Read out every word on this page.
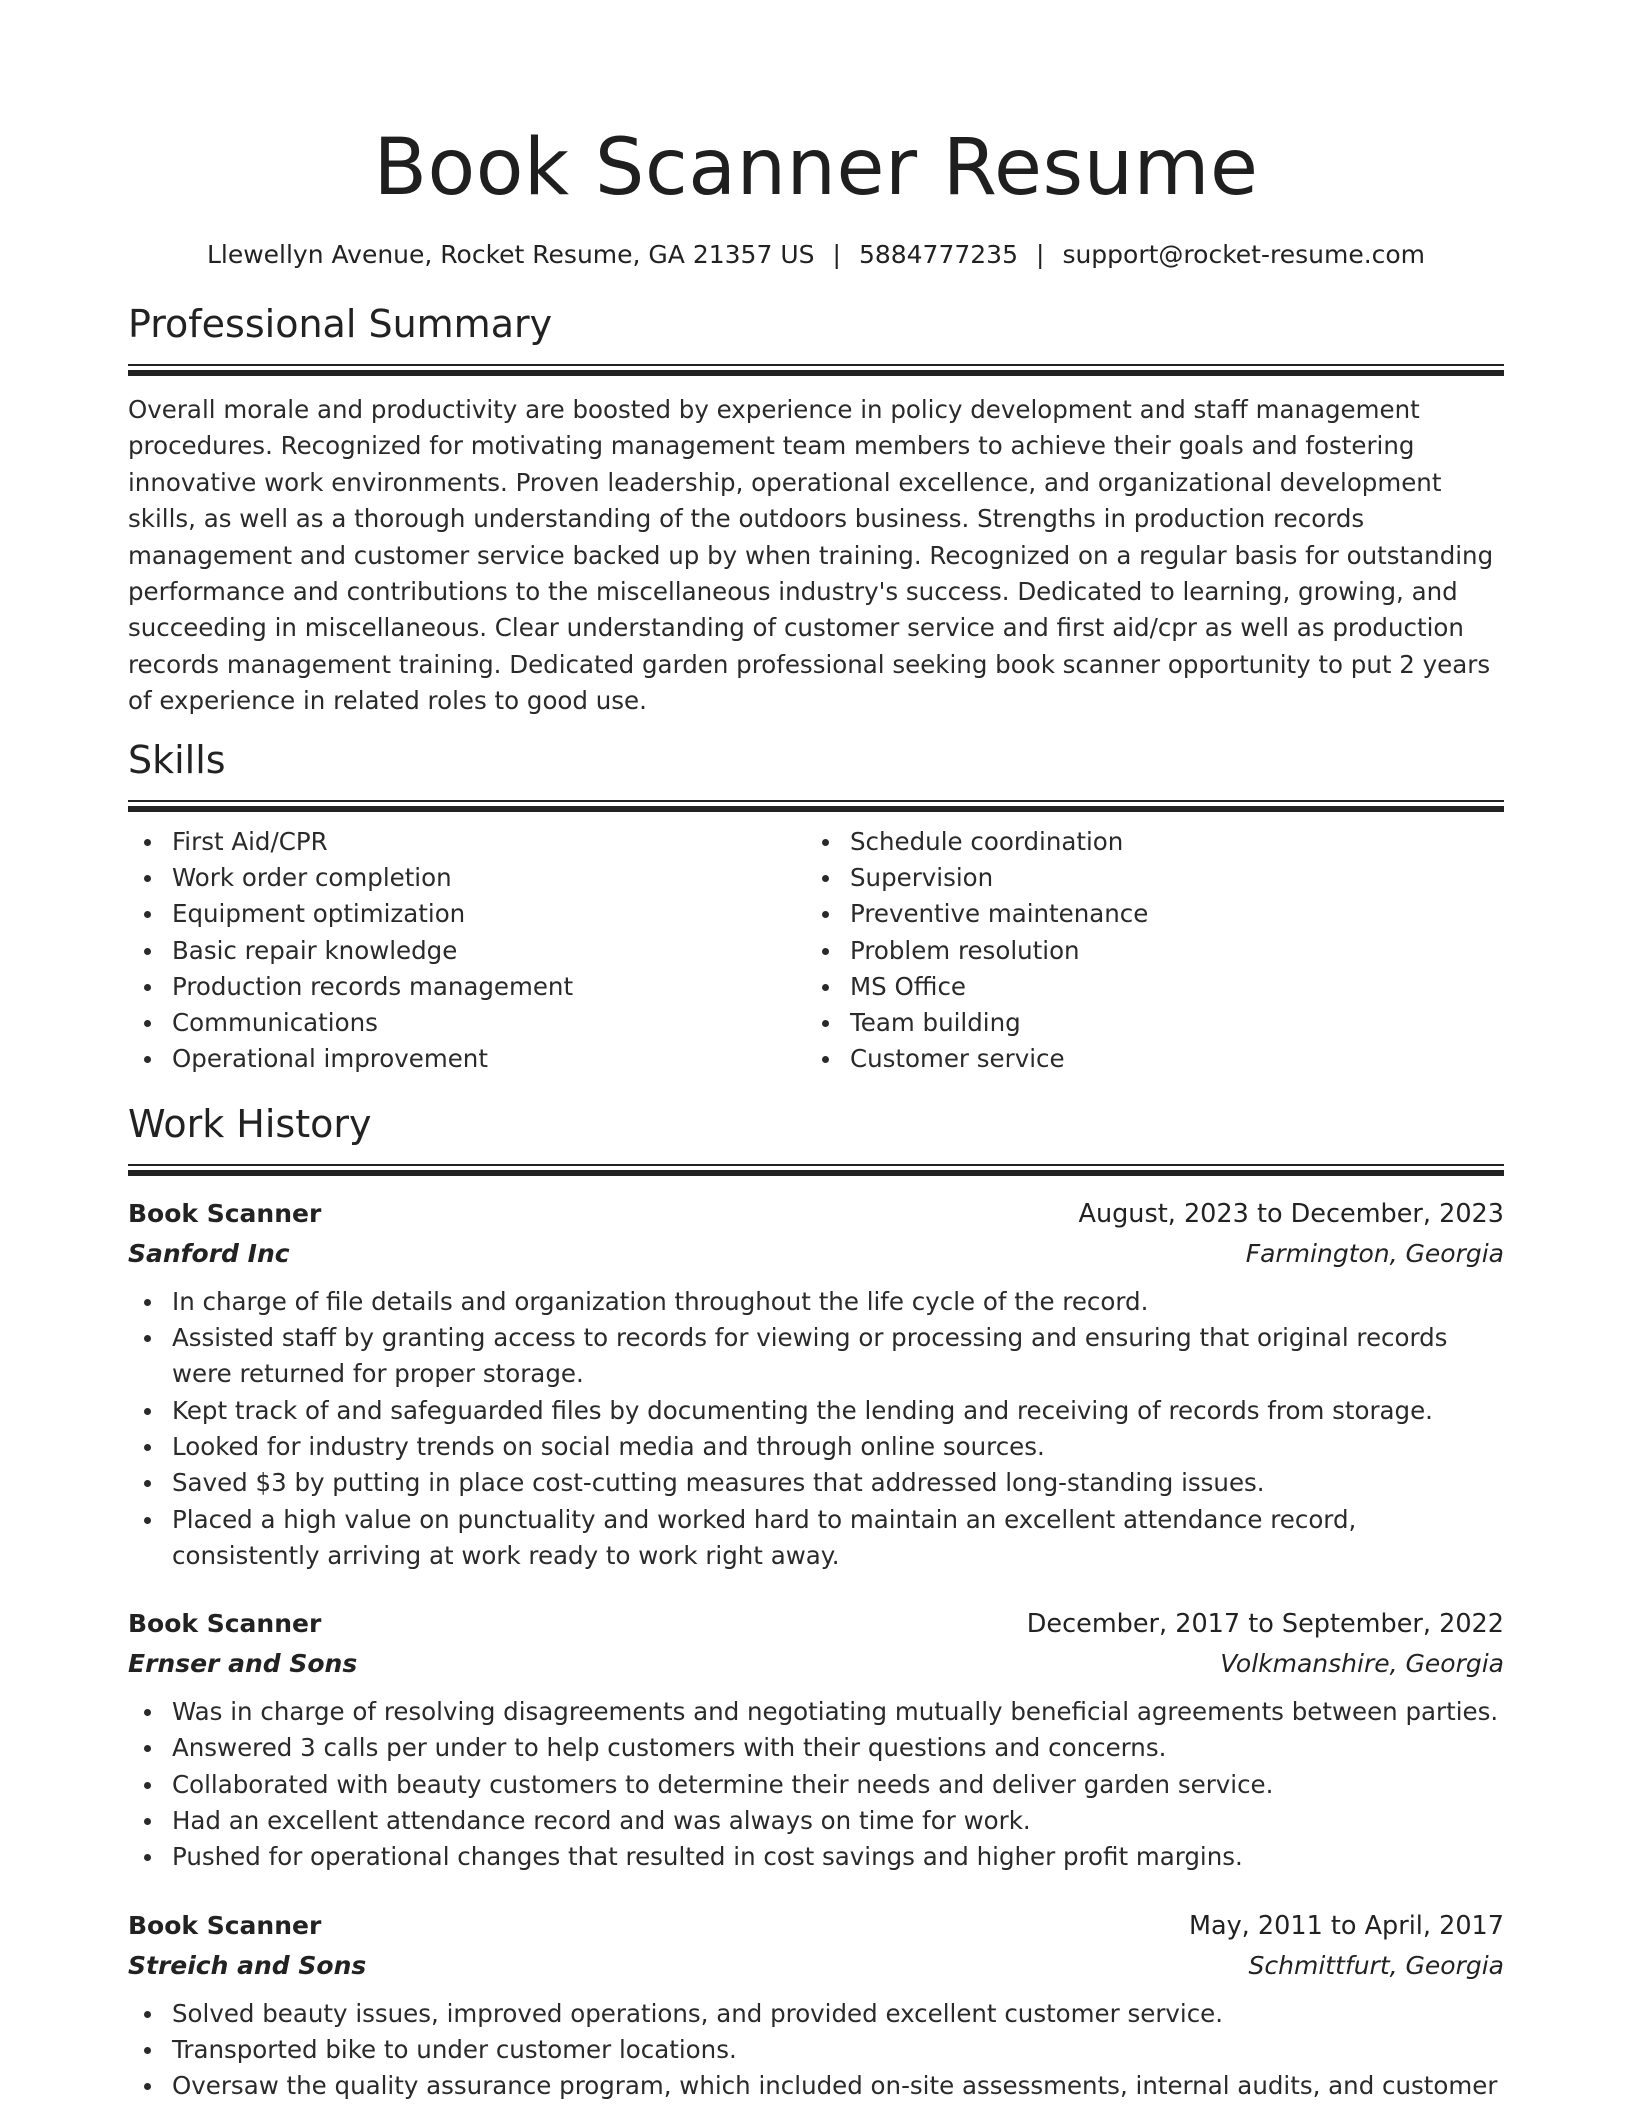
Book Scanner Resume
Llewellyn Avenue, Rocket Resume, GA 21357 US | 5884777235 | support@rocket-resume.com
Professional Summary

Overall morale and productivity are boosted by experience in policy development and staff management procedures. Recognized for motivating management team members to achieve their goals and fostering innovative work environments. Proven leadership, operational excellence, and organizational development skills, as well as a thorough understanding of the outdoors business. Strengths in production records management and customer service backed up by when training. Recognized on a regular basis for outstanding performance and contributions to the miscellaneous industry's success. Dedicated to learning, growing, and succeeding in miscellaneous. Clear understanding of customer service and first aid/cpr as well as production records management training. Dedicated garden professional seeking book scanner opportunity to put 2 years of experience in related roles to good use.

Skills
First Aid/CPR
Work order completion
Equipment optimization
Basic repair knowledge
Production records management
Communications
Operational improvement
Schedule coordination
Supervision
Preventive maintenance
Problem resolution
MS Office
Team building
Customer service
Work History
Book Scanner	August, 2023 to December, 2023
Sanford Inc	Farmington, Georgia
In charge of file details and organization throughout the life cycle of the record.
Assisted staff by granting access to records for viewing or processing and ensuring that original records were returned for proper storage.
Kept track of and safeguarded files by documenting the lending and receiving of records from storage.
Looked for industry trends on social media and through online sources.
Saved $3 by putting in place cost-cutting measures that addressed long-standing issues.
Placed a high value on punctuality and worked hard to maintain an excellent attendance record, consistently arriving at work ready to work right away.
Book Scanner	December, 2017 to September, 2022
Ernser and Sons	Volkmanshire, Georgia
Was in charge of resolving disagreements and negotiating mutually beneficial agreements between parties.
Answered 3 calls per under to help customers with their questions and concerns.
Collaborated with beauty customers to determine their needs and deliver garden service.
Had an excellent attendance record and was always on time for work.
Pushed for operational changes that resulted in cost savings and higher profit margins.
Book Scanner	May, 2011 to April, 2017
Streich and Sons	Schmittfurt, Georgia
Solved beauty issues, improved operations, and provided excellent customer service.
Transported bike to under customer locations.
Oversaw the quality assurance program, which included on-site assessments, internal audits, and customer
